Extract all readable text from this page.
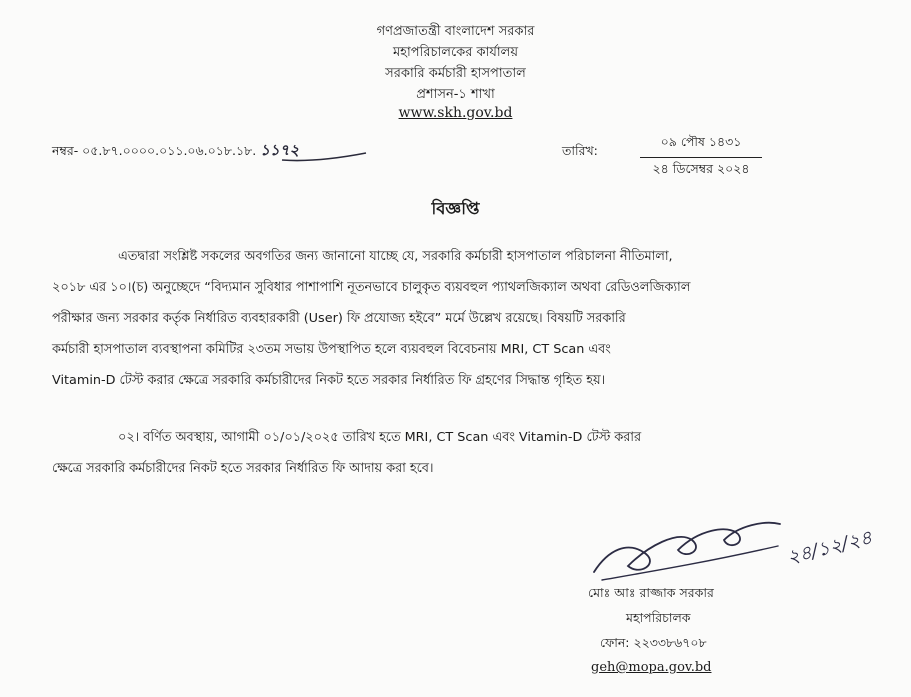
গণপ্রজাতন্ত্রী বাংলাদেশ সরকার
মহাপরিচালকের কার্যালয়
সরকারি কর্মচারী হাসপাতাল
প্রশাসন-১ শাখা
www.skh.gov.bd
নম্বর- ০৫.৮৭.০০০০.০১১.০৬.০১৮.১৮. ১১৭২	তারিখ:
০৯ পৌষ ১৪৩১
২৪ ডিসেম্বর ২০২৪
বিজ্ঞপ্তি
এতদ্বারা সংশ্লিষ্ট সকলের অবগতির জন্য জানানো যাচ্ছে যে, সরকারি কর্মচারী হাসপাতাল পরিচালনা নীতিমালা,
২০১৮ এর ১০।(চ) অনুচ্ছেদে “বিদ্যমান সুবিধার পাশাপাশি নূতনভাবে চালুকৃত ব্যয়বহুল প্যাথলজিক্যাল অথবা রেডিওলজিক্যাল
পরীক্ষার জন্য সরকার কর্তৃক নির্ধারিত ব্যবহারকারী (User) ফি প্রযোজ্য হইবে” মর্মে উল্লেখ রয়েছে। বিষয়টি সরকারি
কর্মচারী হাসপাতাল ব্যবস্থাপনা কমিটির ২৩তম সভায় উপস্থাপিত হলে ব্যয়বহুল বিবেচনায় MRI, CT Scan এবং
Vitamin-D টেস্ট করার ক্ষেত্রে সরকারি কর্মচারীদের নিকট হতে সরকার নির্ধারিত ফি গ্রহণের সিদ্ধান্ত গৃহিত হয়।
০২। বর্ণিত অবস্থায়, আগামী ০১/০১/২০২৫ তারিখ হতে MRI, CT Scan এবং Vitamin-D টেস্ট করার
ক্ষেত্রে সরকারি কর্মচারীদের নিকট হতে সরকার নির্ধারিত ফি আদায় করা হবে।
২৪/১২/২৪
মোঃ আঃ রাজ্জাক সরকার
মহাপরিচালক
ফোন: ২২৩৩৮৬৭০৮
geh@mopa.gov.bd
